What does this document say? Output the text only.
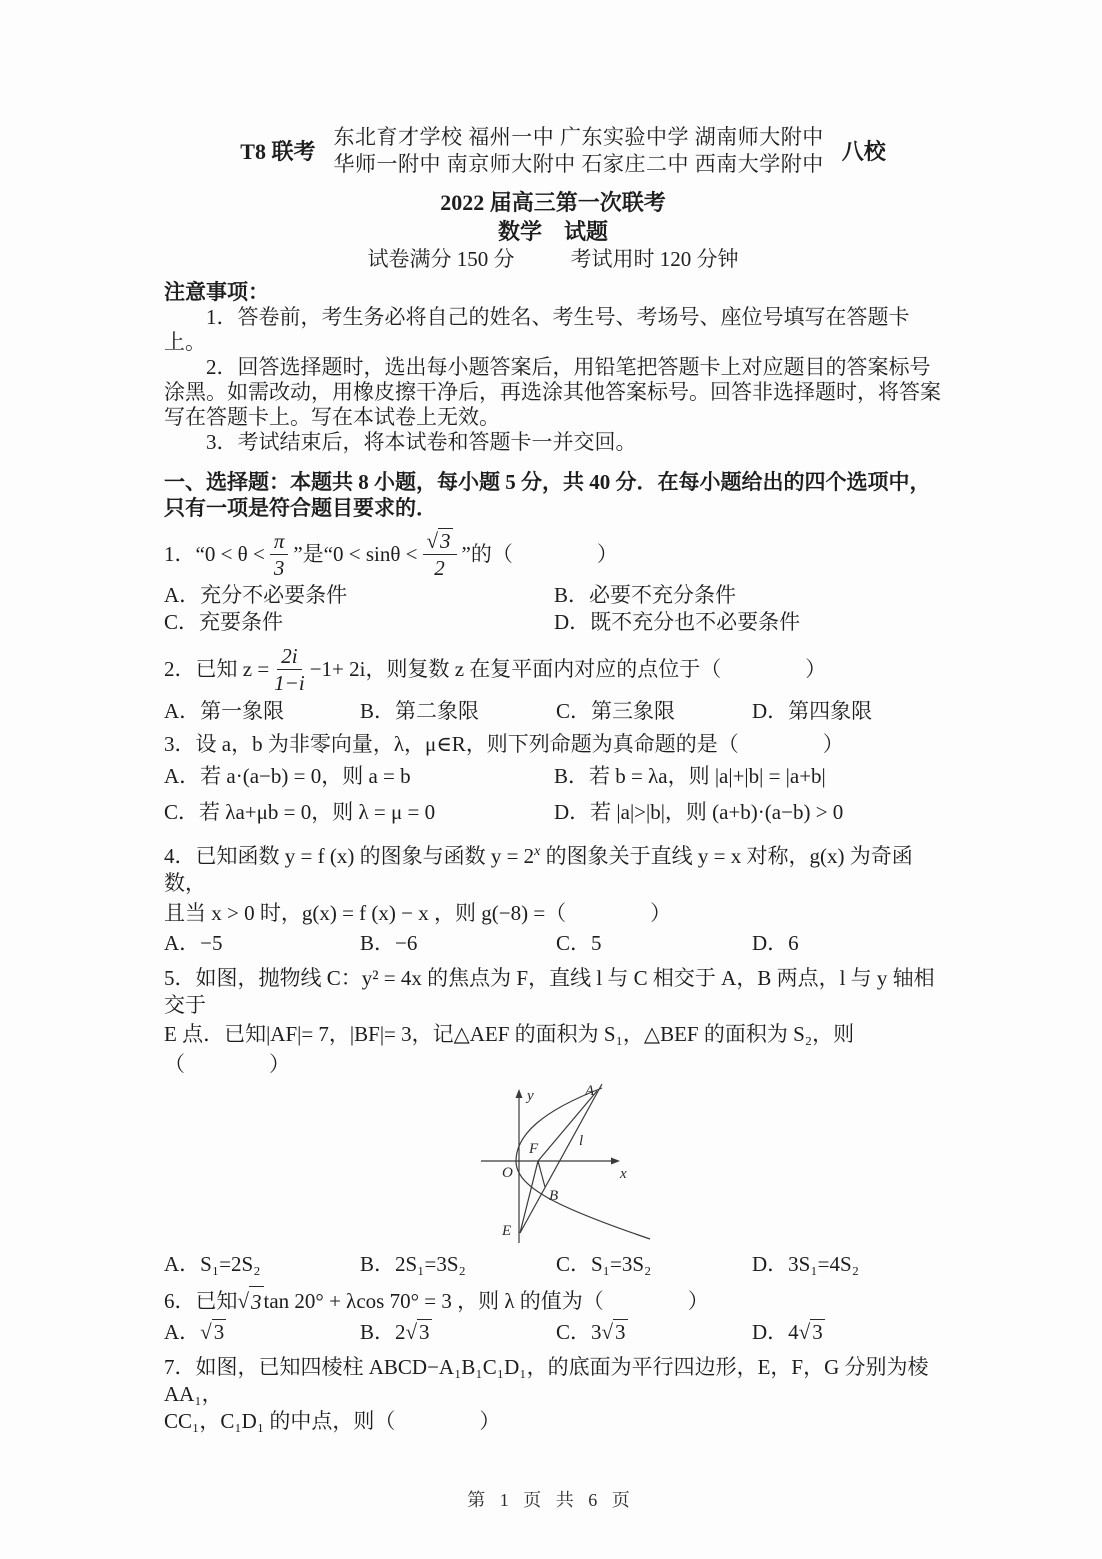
T8 联考
东北育才学校 福州一中 广东实验中学 湖南师大附中
华师一附中 南京师大附中 石家庄二中 西南大学附中
八校
2022 届高三第一次联考
数学　试题
试卷满分 150 分	考试用时 120 分钟
注意事项：

1．答卷前，考生务必将自己的姓名、考生号、考场号、座位号填写在答题卡上。

2．回答选择题时，选出每小题答案后，用铅笔把答题卡上对应题目的答案标号涂黑。如需改动，用橡皮擦干净后，再选涂其他答案标号。回答非选择题时，将答案写在答题卡上。写在本试卷上无效。

3．考试结束后，将本试卷和答题卡一并交回。

一、选择题：本题共 8 小题，每小题 5 分，共 40 分．在每小题给出的四个选项中，只有一项是符合题目要求的．

1．“$0 < \theta < \frac{\pi}{3}$ ”是“$0 < \sin\theta < \frac{√3}{2}$ ”的（　　　　）
A．充分不必要条件	B．必要不充分条件
C．充要条件	D．既不充分也不必要条件
2．已知 $z = \frac{2i}{1-i} -1+ 2i$，则复数 z 在复平面内对应的点位于（　　　　）
A．第一象限	B．第二象限	C．第三象限	D．第四象限

3．设 a，b 为非零向量，λ，μ∈R，则下列命题为真命题的是（　　　　）

A．若 a·(a−b) = 0，则 a = b	B．若 b = λa，则 |a|+|b| = |a+b|
C．若 λa+μb = 0，则 λ = μ = 0	D．若 |a|>|b|，则 (a+b)·(a−b) > 0

4．已知函数 y = f (x) 的图象与函数 $y = 2^x$ 的图象关于直线 y = x 对称，g(x) 为奇函数，

且当 x > 0 时，g(x) = f (x) − x ，则 g(−8) =（　　　　）

A．−5	B．−6	C．5	D．6

5．如图，抛物线 C：y² = 4x 的焦点为 F，直线 l 与 C 相交于 A，B 两点，l 与 y 轴相交于

E 点．已知|AF|= 7，|BF|= 3，记△AEF 的面积为 S₁，△BEF 的面积为 S₂，则（　　　　）

y
x
O
A
l
F
B
E
A．S₁=2S₂	B．2S₁=3S₂	C．S₁=3S₂	D．3S₁=4S₂
6．已知 √ 3 tan 20° + λcos 70° = 3 ，则 λ 的值为（　　　　）
A．√3	B．2√3	C．3√3	D．4√3

7．如图，已知四棱柱 ABCD−A₁B₁C₁D₁，的底面为平行四边形，E，F，G 分别为棱 AA₁，

CC₁，C₁D₁ 的中点，则（　　　　）

第 1 页 共 6 页
